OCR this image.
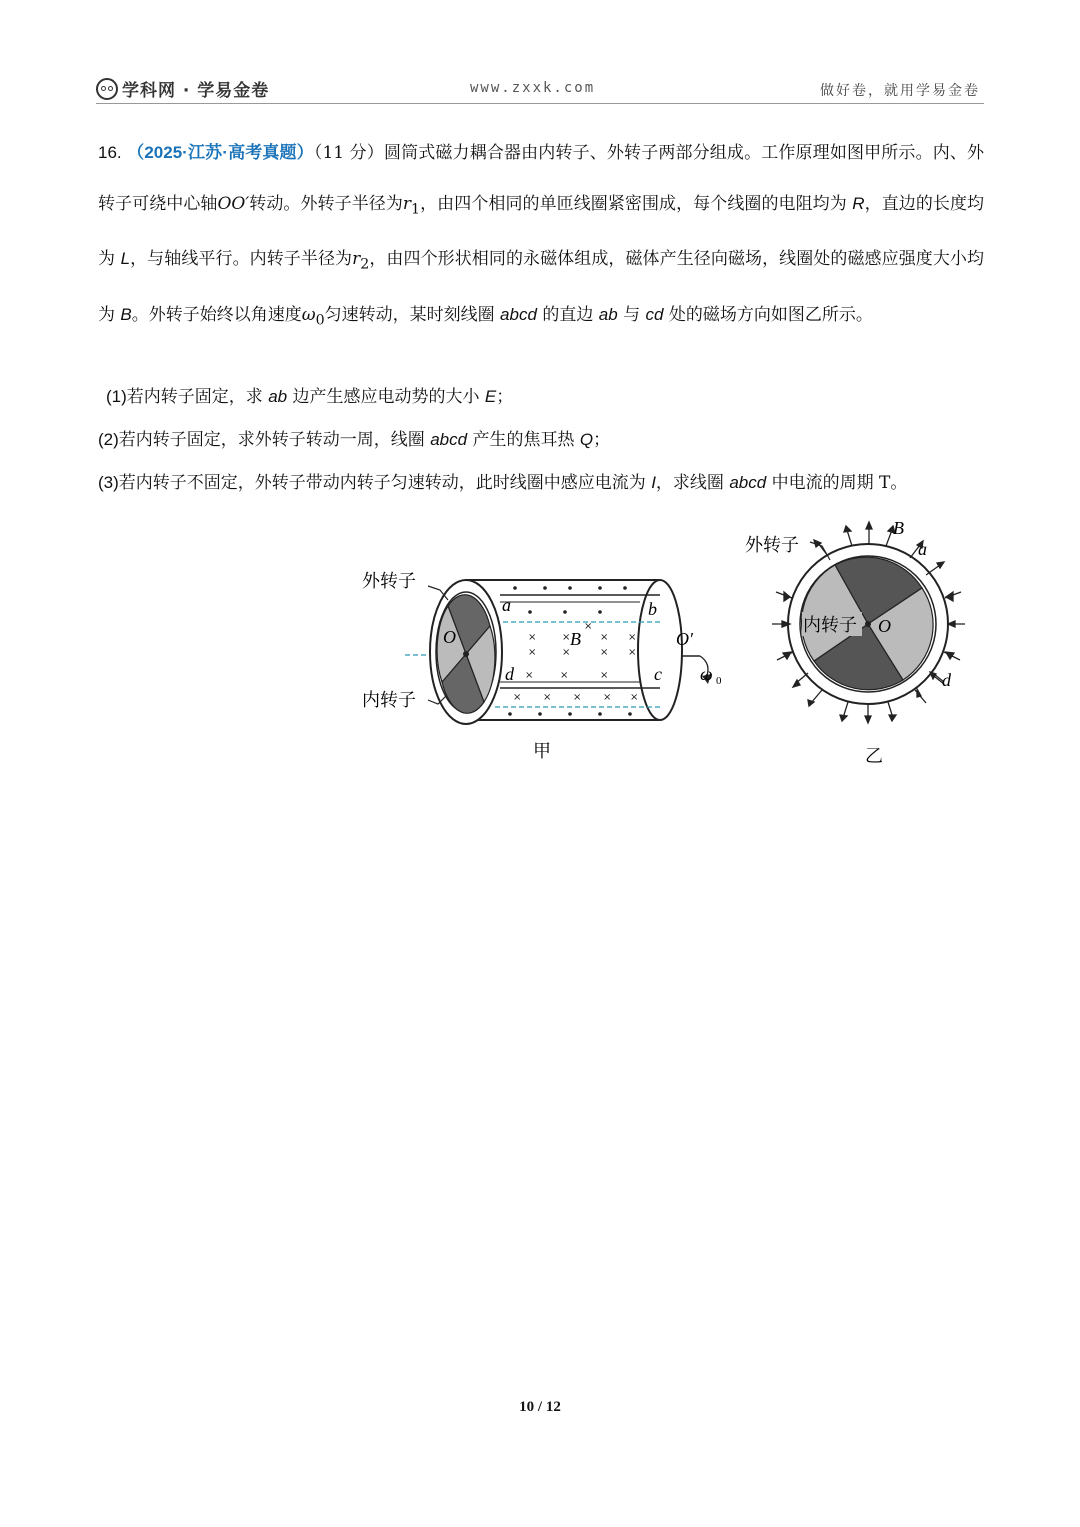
学科网 · 学易金卷	www.zxxk.com	做好卷，就用学易金卷
16. （2025·江苏·高考真题）（11 分）圆筒式磁力耦合器由内转子、外转子两部分组成。工作原理如图甲所示。内、外转子可绕中心轴OO′转动。外转子半径为$r_1$，由四个相同的单匝线圈紧密围成，每个线圈的电阻均为 R，直边的长度均为 L，与轴线平行。内转子半径为$r_2$，由四个形状相同的永磁体组成，磁体产生径向磁场，线圈处的磁感应强度大小均为 B。外转子始终以角速度$\omega_0$匀速转动，某时刻线圈 abcd 的直边 ab 与 cd 处的磁场方向如图乙所示。
(1)若内转子固定，求 ab 边产生感应电动势的大小 E；
(2)若内转子固定，求外转子转动一周，线圈 abcd 产生的焦耳热 Q；
(3)若内转子不固定，外转子带动内转子匀速转动，此时线圈中感应电流为 I，求线圈 abcd 中电流的周期 T。
×	×	× ×
×	×	× ×
×	×	×
× × × × ×
×
外转子
内转子
O	O′
a	b
c
d
B
ω 0
甲
外转子
内转子 O
B
a
d
乙
10 / 12
